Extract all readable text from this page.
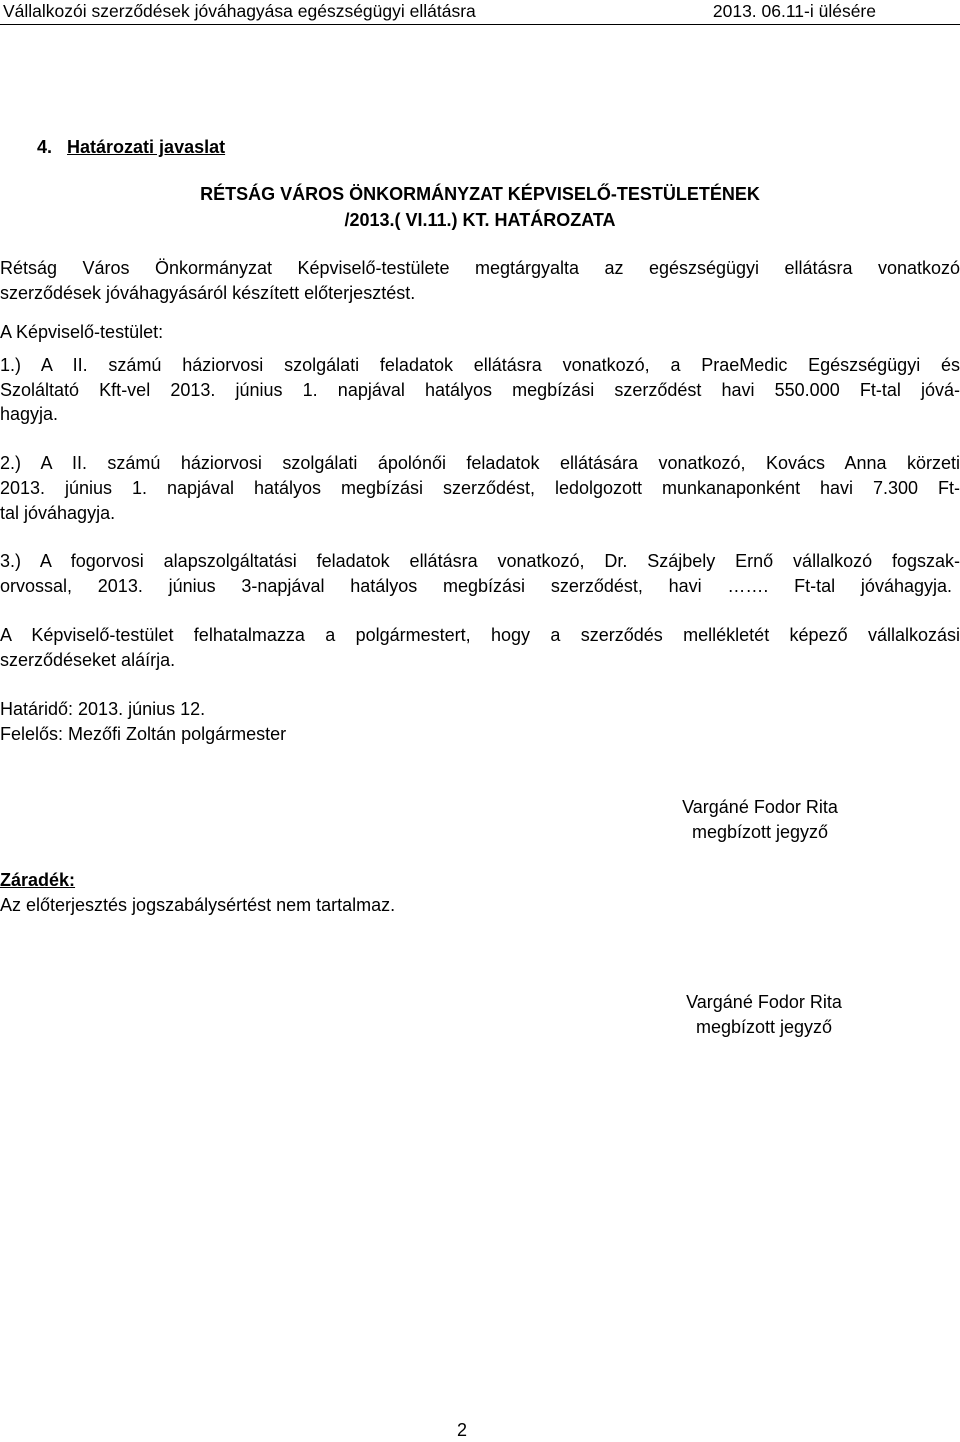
Vállalkozói szerződések jóváhagyása egészségügyi ellátásra	2013. 06.11-i ülésére
4. Határozati javaslat
RÉTSÁG VÁROS ÖNKORMÁNYZAT KÉPVISELŐ-TESTÜLETÉNEK
/2013.( VI.11.) KT. HATÁROZATA
Rétság Város Önkormányzat Képviselő-testülete megtárgyalta az egészségügyi ellátásra vonatkozó
szerződések jóváhagyásáról készített előterjesztést.
A Képviselő-testület:
1.) A II. számú háziorvosi szolgálati feladatok ellátásra vonatkozó, a PraeMedic Egészségügyi és
Szoláltató Kft-vel 2013. június 1. napjával hatályos megbízási szerződést havi 550.000 Ft-tal jóvá-
hagyja.
2.) A II. számú háziorvosi szolgálati ápolónői feladatok ellátására vonatkozó, Kovács Anna körzeti
2013. június 1. napjával hatályos megbízási szerződést, ledolgozott munkanaponként havi 7.300 Ft-
tal jóváhagyja.
3.) A fogorvosi alapszolgáltatási feladatok ellátásra vonatkozó, Dr. Szájbely Ernő vállalkozó fogszak-
orvossal, 2013. június 3-napjával hatályos megbízási szerződést, havi ……. Ft-tal jóváhagyja.
A Képviselő-testület felhatalmazza a polgármestert, hogy a szerződés mellékletét képező vállalkozási
szerződéseket aláírja.
Határidő: 2013. június 12.
Felelős: Mezőfi Zoltán polgármester
Vargáné Fodor Rita
megbízott jegyző
Záradék:
Az előterjesztés jogszabálysértést nem tartalmaz.
Vargáné Fodor Rita
megbízott jegyző
2
